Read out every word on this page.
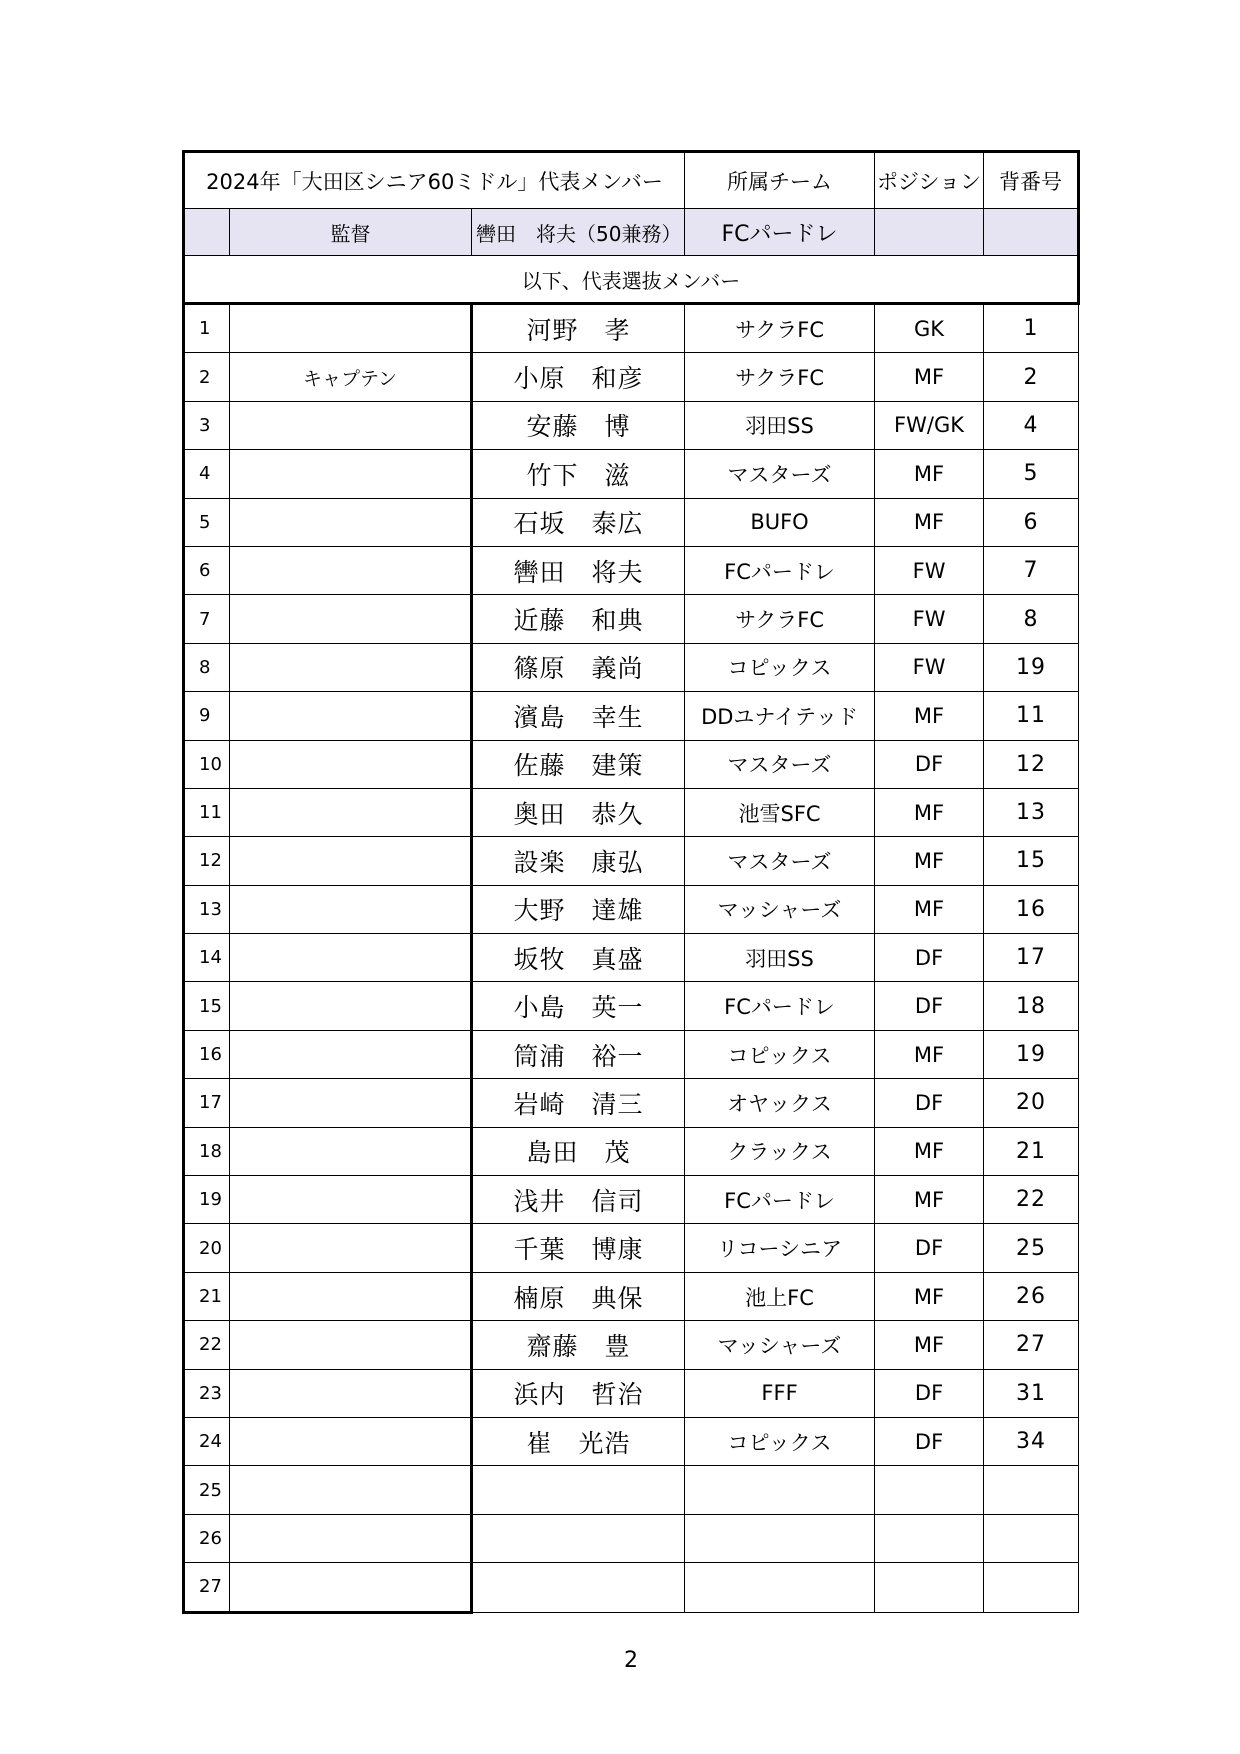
2024年「大田区シニア60ミドル」代表メンバー			所属チーム	ポジション	背番号
	監督	轡田　将夫（50兼務）	FCパードレ		
以下、代表選抜メンバー					
1		河野　孝	サクラFC	GK	1
2	キャプテン	小原　和彦	サクラFC	MF	2
3		安藤　博	羽田SS	FW/GK	4
4		竹下　滋	マスターズ	MF	5
5		石坂　泰広	BUFO	MF	6
6		轡田　将夫	FCパードレ	FW	7
7		近藤　和典	サクラFC	FW	8
8		篠原　義尚	コピックス	FW	19
9		濱島　幸生	DDユナイテッド	MF	11
10		佐藤　建策	マスターズ	DF	12
11		奥田　恭久	池雪SFC	MF	13
12		設楽　康弘	マスターズ	MF	15
13		大野　達雄	マッシャーズ	MF	16
14		坂牧　真盛	羽田SS	DF	17
15		小島　英一	FCパードレ	DF	18
16		筒浦　裕一	コピックス	MF	19
17		岩崎　清三	オヤックス	DF	20
18		島田　茂	クラックス	MF	21
19		浅井　信司	FCパードレ	MF	22
20		千葉　博康	リコーシニア	DF	25
21		楠原　典保	池上FC	MF	26
22		齋藤　豊	マッシャーズ	MF	27
23		浜内　哲治	FFF	DF	31
24		崔　光浩	コピックス	DF	34
25					
26					
27					
2
